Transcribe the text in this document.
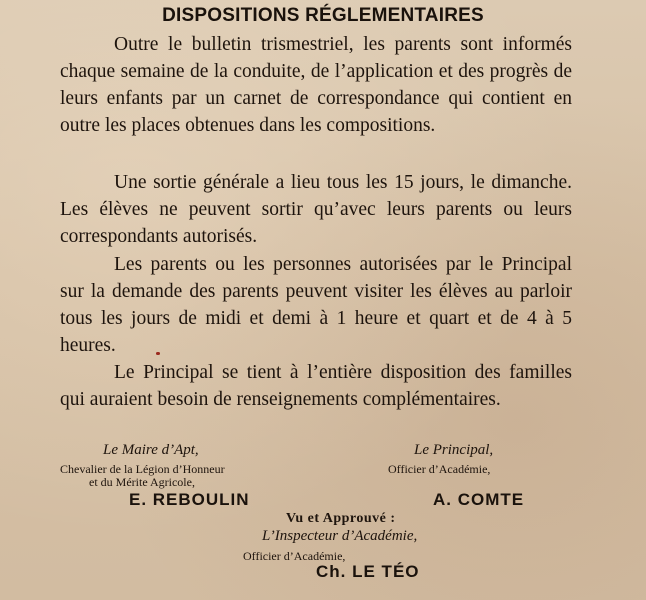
DISPOSITIONS RÉGLEMENTAIRES
Outre le bulletin trismestriel, les parents sont informés chaque semaine de la conduite, de l’application et des progrès de leurs enfants par un carnet de correspondance qui contient en outre les places obtenues dans les compositions.
Une sortie générale a lieu tous les 15 jours, le dimanche. Les élèves ne peuvent sortir qu’avec leurs parents ou leurs correspondants autorisés.
Les parents ou les personnes autorisées par le Principal sur la demande des parents peuvent visiter les élèves au parloir tous les jours de midi et demi à 1 heure et quart et de 4 à 5 heures.
Le Principal se tient à l’entière disposition des familles qui auraient besoin de renseignements complémentaires.
Le Maire d’Apt,
Chevalier de la Légion d’Honneur
et du Mérite Agricole,
E. REBOULIN
Le Principal,
Officier d’Académie,
A. COMTE
Vu et Approuvé :
L’Inspecteur d’Académie,
Officier d’Académie,
Ch. LE TÉO
